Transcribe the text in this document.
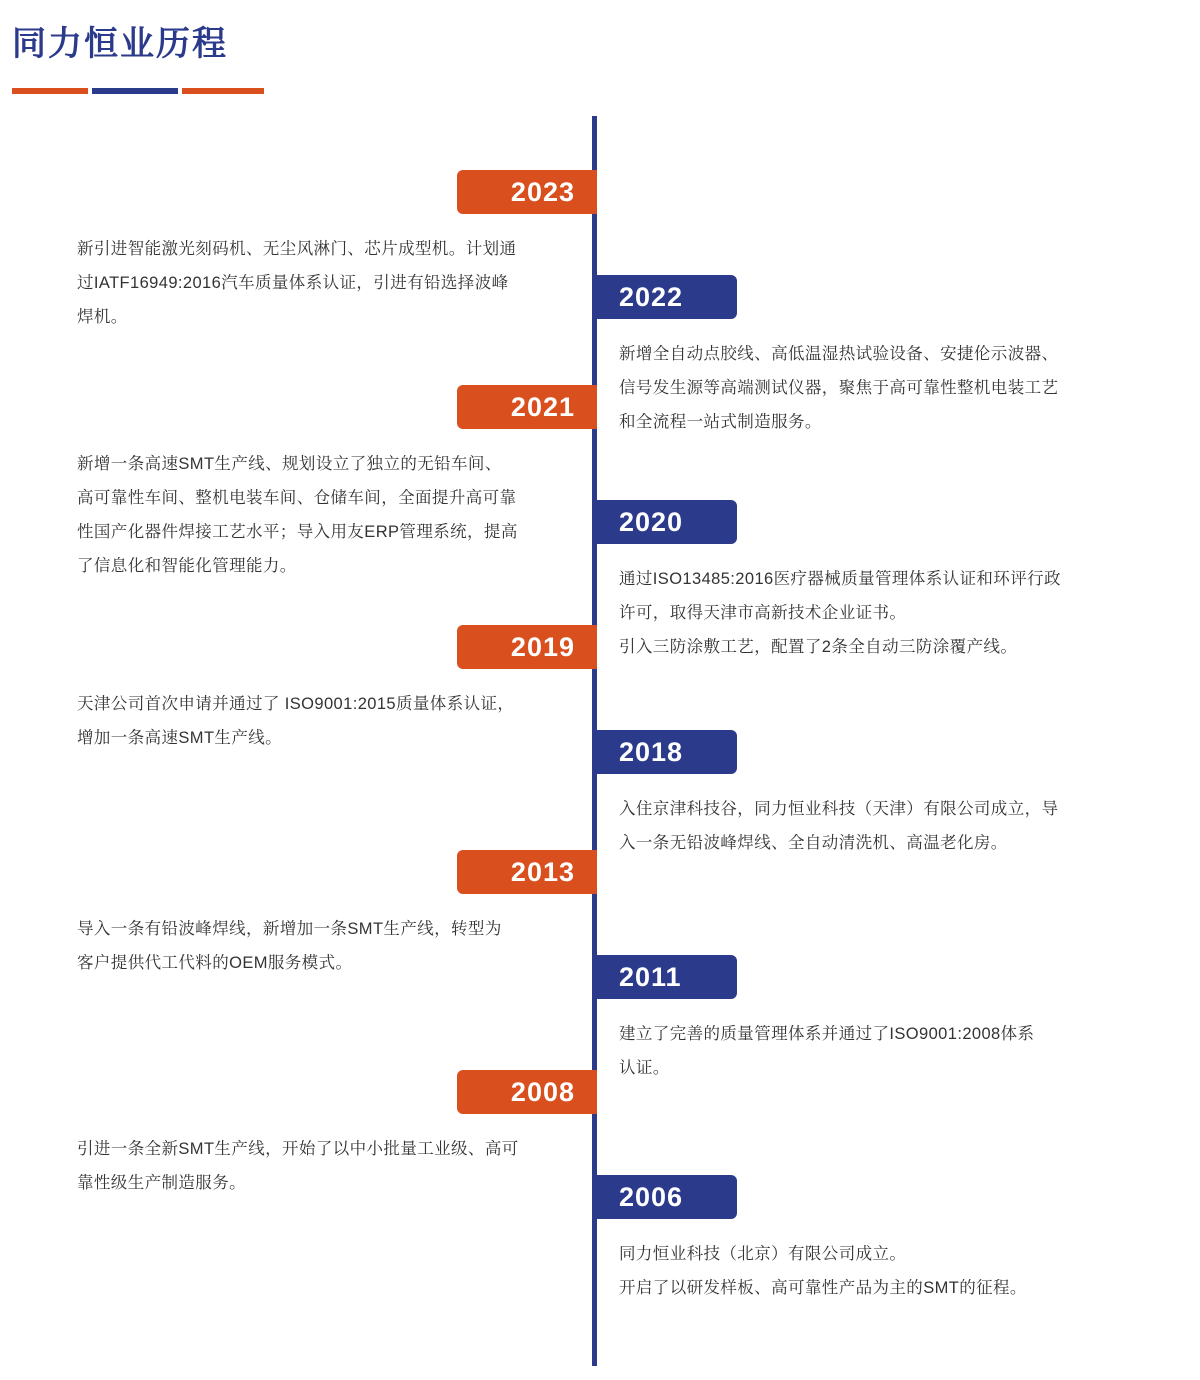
同力恒业历程
2023

新引进智能激光刻码机、无尘风淋门、芯片成型机。计划通

过IATF16949:2016汽车质量体系认证，引进有铅选择波峰

焊机。

2022

新增全自动点胶线、高低温湿热试验设备、安捷伦示波器、

信号发生源等高端测试仪器，聚焦于高可靠性整机电装工艺

和全流程一站式制造服务。

2021

新增一条高速SMT生产线、规划设立了独立的无铅车间、

高可靠性车间、整机电装车间、仓储车间，全面提升高可靠

性国产化器件焊接工艺水平；导入用友ERP管理系统，提高

了信息化和智能化管理能力。

2020

通过ISO13485:2016医疗器械质量管理体系认证和环评行政

许可，取得天津市高新技术企业证书。

引入三防涂敷工艺，配置了2条全自动三防涂覆产线。

2019

天津公司首次申请并通过了 ISO9001:2015质量体系认证，

增加一条高速SMT生产线。	2018

入住京津科技谷，同力恒业科技（天津）有限公司成立，导

入一条无铅波峰焊线、全自动清洗机、高温老化房。

2013

导入一条有铅波峰焊线，新增加一条SMT生产线，转型为

客户提供代工代料的OEM服务模式。	2011

建立了完善的质量管理体系并通过了ISO9001:2008体系

认证。

2008

引进一条全新SMT生产线，开始了以中小批量工业级、高可

靠性级生产制造服务。	2006

同力恒业科技（北京）有限公司成立。

开启了以研发样板、高可靠性产品为主的SMT的征程。
